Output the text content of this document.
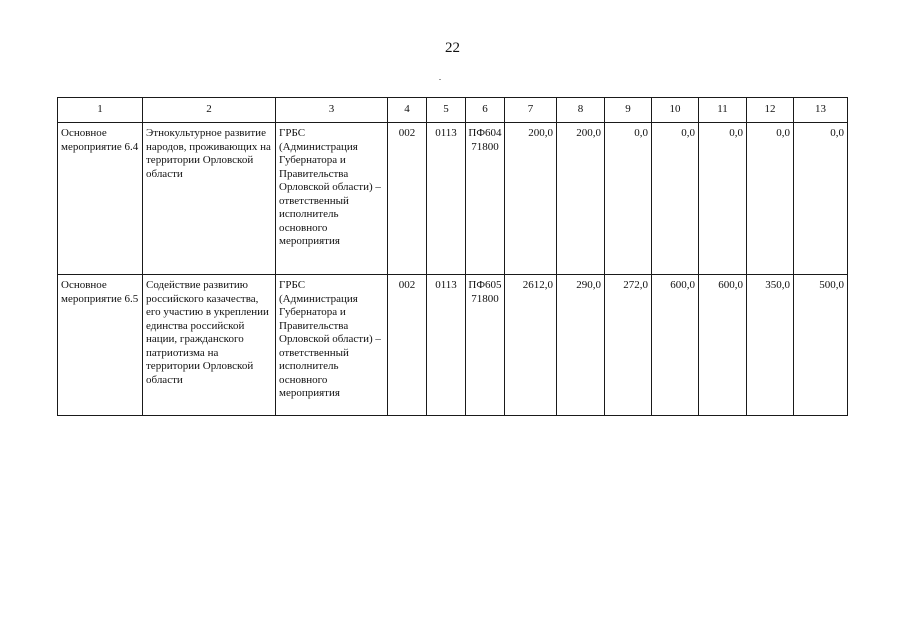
22
1	2	3	4	5	6	7	8	9	10	11	12	13
Основное мероприятие 6.4	Этнокультурное развитие народов, проживающих на территории Орловской области	ГРБС (Администрация Губернатора и Правительства Орловской области) – ответственный исполнитель основного мероприятия	002	0113	ПФ60471800	200,0	200,0	0,0	0,0	0,0	0,0	0,0
Основное мероприятие 6.5	Содействие развитию российского казачества, его участию в укреплении единства российской нации, гражданского патриотизма на территории Орловской области	ГРБС (Администрация Губернатора и Правительства Орловской области) – ответственный исполнитель основного мероприятия	002	0113	ПФ60571800	2612,0	290,0	272,0	600,0	600,0	350,0	500,0
